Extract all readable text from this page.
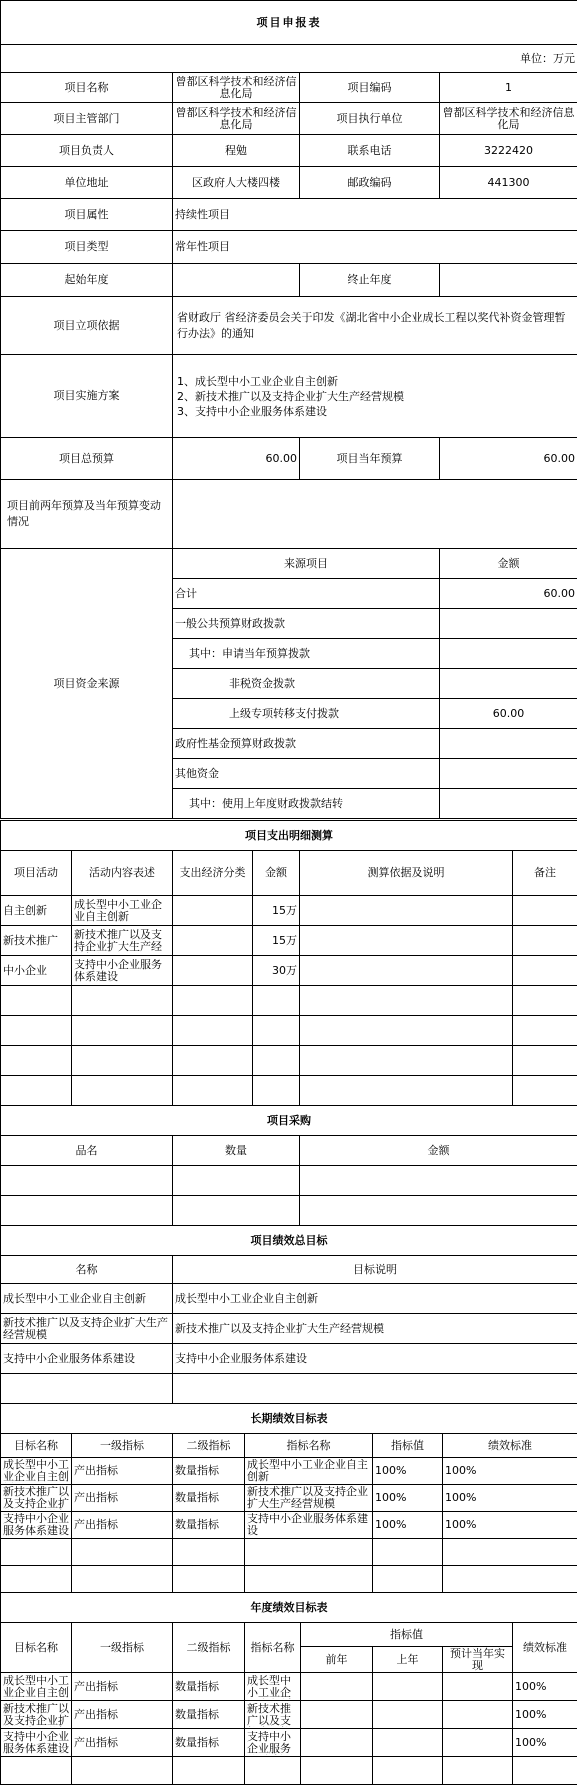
项目申报表			
单位：万元			
项目名称	曾都区科学技术和经济信息化局	项目编码	1
项目主管部门	曾都区科学技术和经济信息化局	项目执行单位	曾都区科学技术和经济信息化局

项目负责人	程勉	联系电话	3222420
单位地址	区政府人大楼四楼	邮政编码	441300
项目属性	持续性项目		
项目类型	常年性项目		
起始年度		终止年度	
项目立项依据	省财政厅 省经济委员会关于印发《湖北省中小企业成长工程以奖代补资金管理暂行办法》的通知		
项目实施方案	1、成长型中小工业企业自主创新
2、新技术推广以及支持企业扩大生产经营规模
3、支持中小企业服务体系建设		

项目总预算	60.00	项目当年预算	60.00
项目前两年预算及当年预算变动情况			
项目资金来源	来源项目		金额
	合计		60.00
	一般公共预算财政拨款		
	其中：申请当年预算拨款		
	非税资金拨款		
	上级专项转移支付拨款		60.00
	政府性基金预算财政拨款		
	其他资金		
	其中：使用上年度财政拨款结转		
项目支出明细测算					
项目活动	活动内容表述	支出经济分类	金额	测算依据及说明	备注
自主创新	成长型中小工业企业自主创新		15万		
新技术推广	新技术推广以及支持企业扩大生产经		15万		
中小企业	支持中小企业服务体系建设		30万		

项目采购		
品名	数量	金额

项目绩效总目标	
名称	目标说明

成长型中小工业企业自主创新	成长型中小工业企业自主创新

新技术推广以及支持企业扩大生产经营规模	新技术推广以及支持企业扩大生产经营规模

支持中小企业服务体系建设	支持中小企业服务体系建设

长期绩效目标表					
目标名称	一级指标	二级指标	指标名称	指标值	绩效标准

成长型中小工业企业自主创	产出指标	数量指标	成长型中小工业企业自主创新	100%	100%

新技术推广以及支持企业扩	产出指标	数量指标	新技术推广以及支持企业扩大生产经营规模	100%	100%

支持中小企业服务体系建设	产出指标	数量指标	支持中小企业服务体系建设	100%	100%

年度绩效目标表							
目标名称	一级指标	二级指标	指标名称	指标值			绩效标准
				前年	上年	预计当年实现	

成长型中小工业企业自主创	产出指标	数量指标	成长型中小工业企				100%

新技术推广以及支持企业扩	产出指标	数量指标	新技术推广以及支				100%

支持中小企业服务体系建设	产出指标	数量指标	支持中小企业服务				100%
